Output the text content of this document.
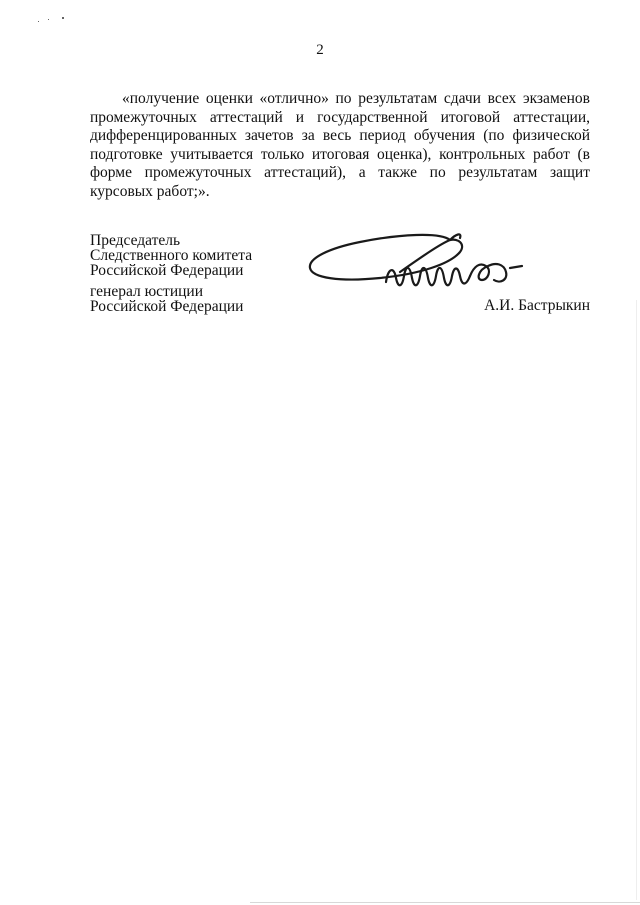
2

«получение оценки «отлично» по результатам сдачи всех экзаменов промежуточных аттестаций и государственной итоговой аттестации, дифференцированных зачетов за весь период обучения (по физической подготовке учитывается только итоговая оценка), контрольных работ (в форме промежуточных аттестаций), а также по результатам защит курсовых работ;».

Председатель
Следственного комитета
Российской Федерации
генерал юстиции
Российской Федерации	А.И. Бастрыкин
